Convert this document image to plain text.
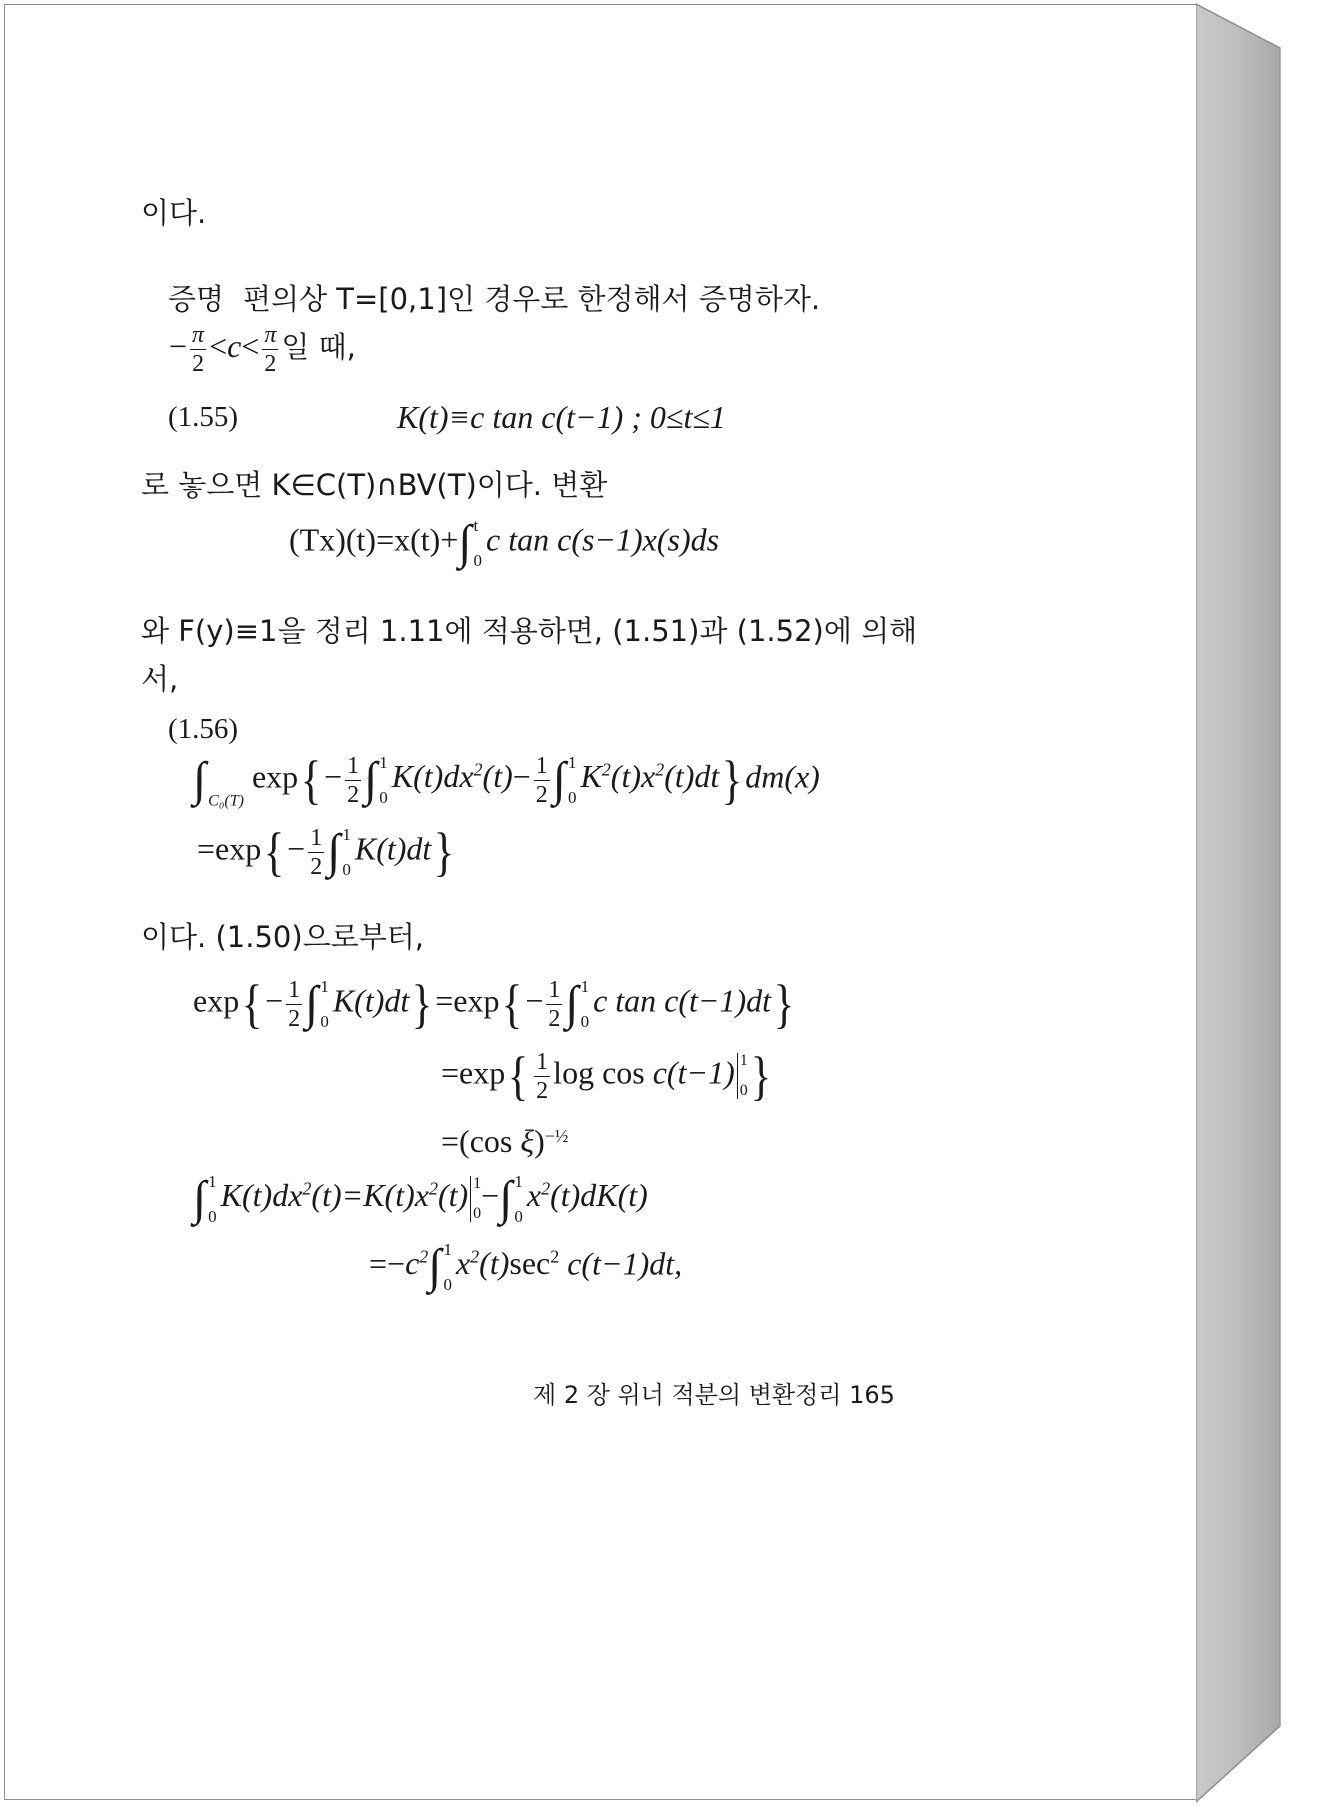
이다.
증명 편의상 T=[0,1]인 경우로 한정해서 증명하자.
− $\frac{\pi}{2} <c< \frac{\pi}{2}$ 일 때,
(1.55)	K(t)≡c tan c(t−1) ; 0≤t≤1
로 놓으면 K∈C(T)∩BV(T)이다. 변환
(Tx)(t)=x(t)+∫ t
0
c tan c(s−1)x(s)ds
와 F(y)≡1을 정리 1.11에 적용하면, (1.51)과 (1.52)에 의해
서,
(1.56)
∫ $_{C_0(T)}$ $\exp\{- \frac{1}{2}$ ∫ 1
0
$K(t)dx^2(t)- \frac{1}{2}$ ∫ 1
0
$K^2(t)x^2(t)dt\}dm(x)$
$=\exp\{- \frac{1}{2}$ ∫ 1
0
K(t)dt}
이다. (1.50)으로부터,
$\exp\{- \frac{1}{2}$ ∫ 1
0
$K(t)dt\}=\exp\{- \frac{1}{2}$ ∫ 1
0
c tan c(t−1)dt}
$=\exp\{ \frac{1}{2}$ log cos c(t−1) 1
0 }
=(cos ξ)$^{-\frac{1}{2}}$
∫ 1
0
$K(t)dx^2(t)=K(t)x^2(t)$ 1
0
−∫ 1
0
$x^2(t)dK(t)$
$=-c^2\int$ 1
0
$x^2(t)\sec^2$ c(t−1)dt,
제 2 장 위너 적분의 변환정리 165
